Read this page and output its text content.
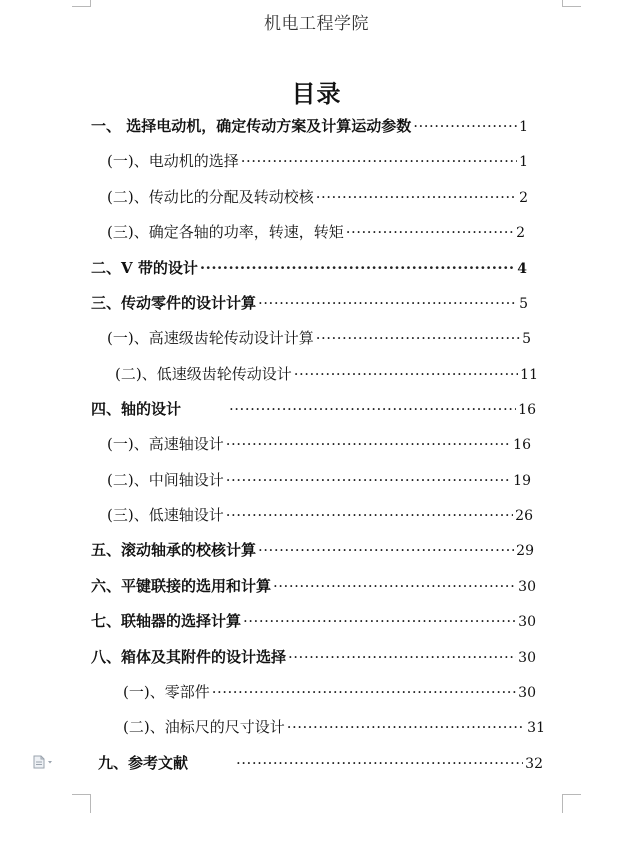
机电工程学院
目录
一、 选择电动机，确定传动方案及计算运动参数 ·····	1
(一)、电动机的选择 ·····	1
(二)、传动比的分配及转动校核 ·····	2
(三)、确定各轴的功率，转速，转矩 ·····	2
二、V 带的设计 ·····	4
三、传动零件的设计计算 ·····	5
(一)、高速级齿轮传动设计计算 ·····	5
(二)、低速级齿轮传动设计 ·····	11
四、轴的设计 ·····	16
(一)、高速轴设计 ·····	16
(二)、中间轴设计 ·····	19
(三)、低速轴设计 ·····	26
五、滚动轴承的校核计算 ·····	29
六、平键联接的选用和计算 ·····	30
七、联轴器的选择计算 ·····	30
八、箱体及其附件的设计选择 ·····	30
(一)、零部件 ·····	30
(二)、油标尺的尺寸设计 ·····	31
九、参考文献 ·····	32
